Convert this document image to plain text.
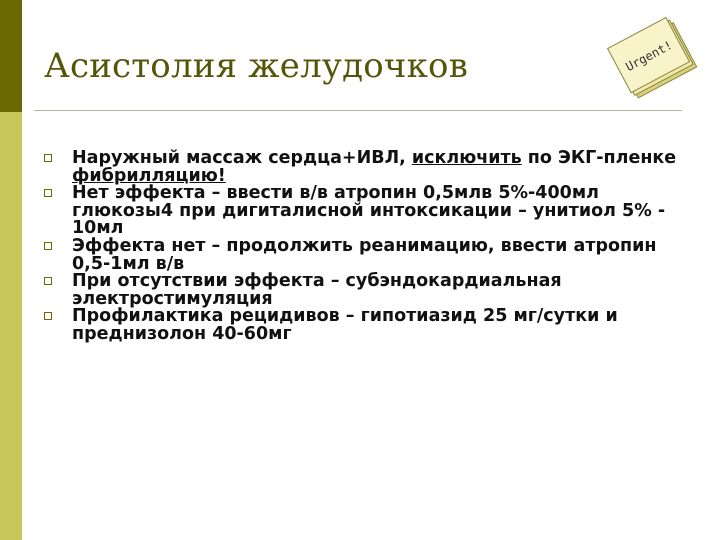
Асистолия желудочков	Urgent!
Наружный массаж сердца+ИВЛ, исключить по ЭКГ-пленке фибрилляцию!
Нет эффекта – ввести в/в атропин 0,5млв 5%-400мл глюкозы4 при дигиталисной интоксикации – унитиол 5% - 10мл
Эффекта нет – продолжить реанимацию, ввести атропин 0,5-1мл в/в
При отсутствии эффекта – субэндокардиальная электростимуляция
Профилактика рецидивов – гипотиазид 25 мг/сутки и преднизолон 40-60мг
